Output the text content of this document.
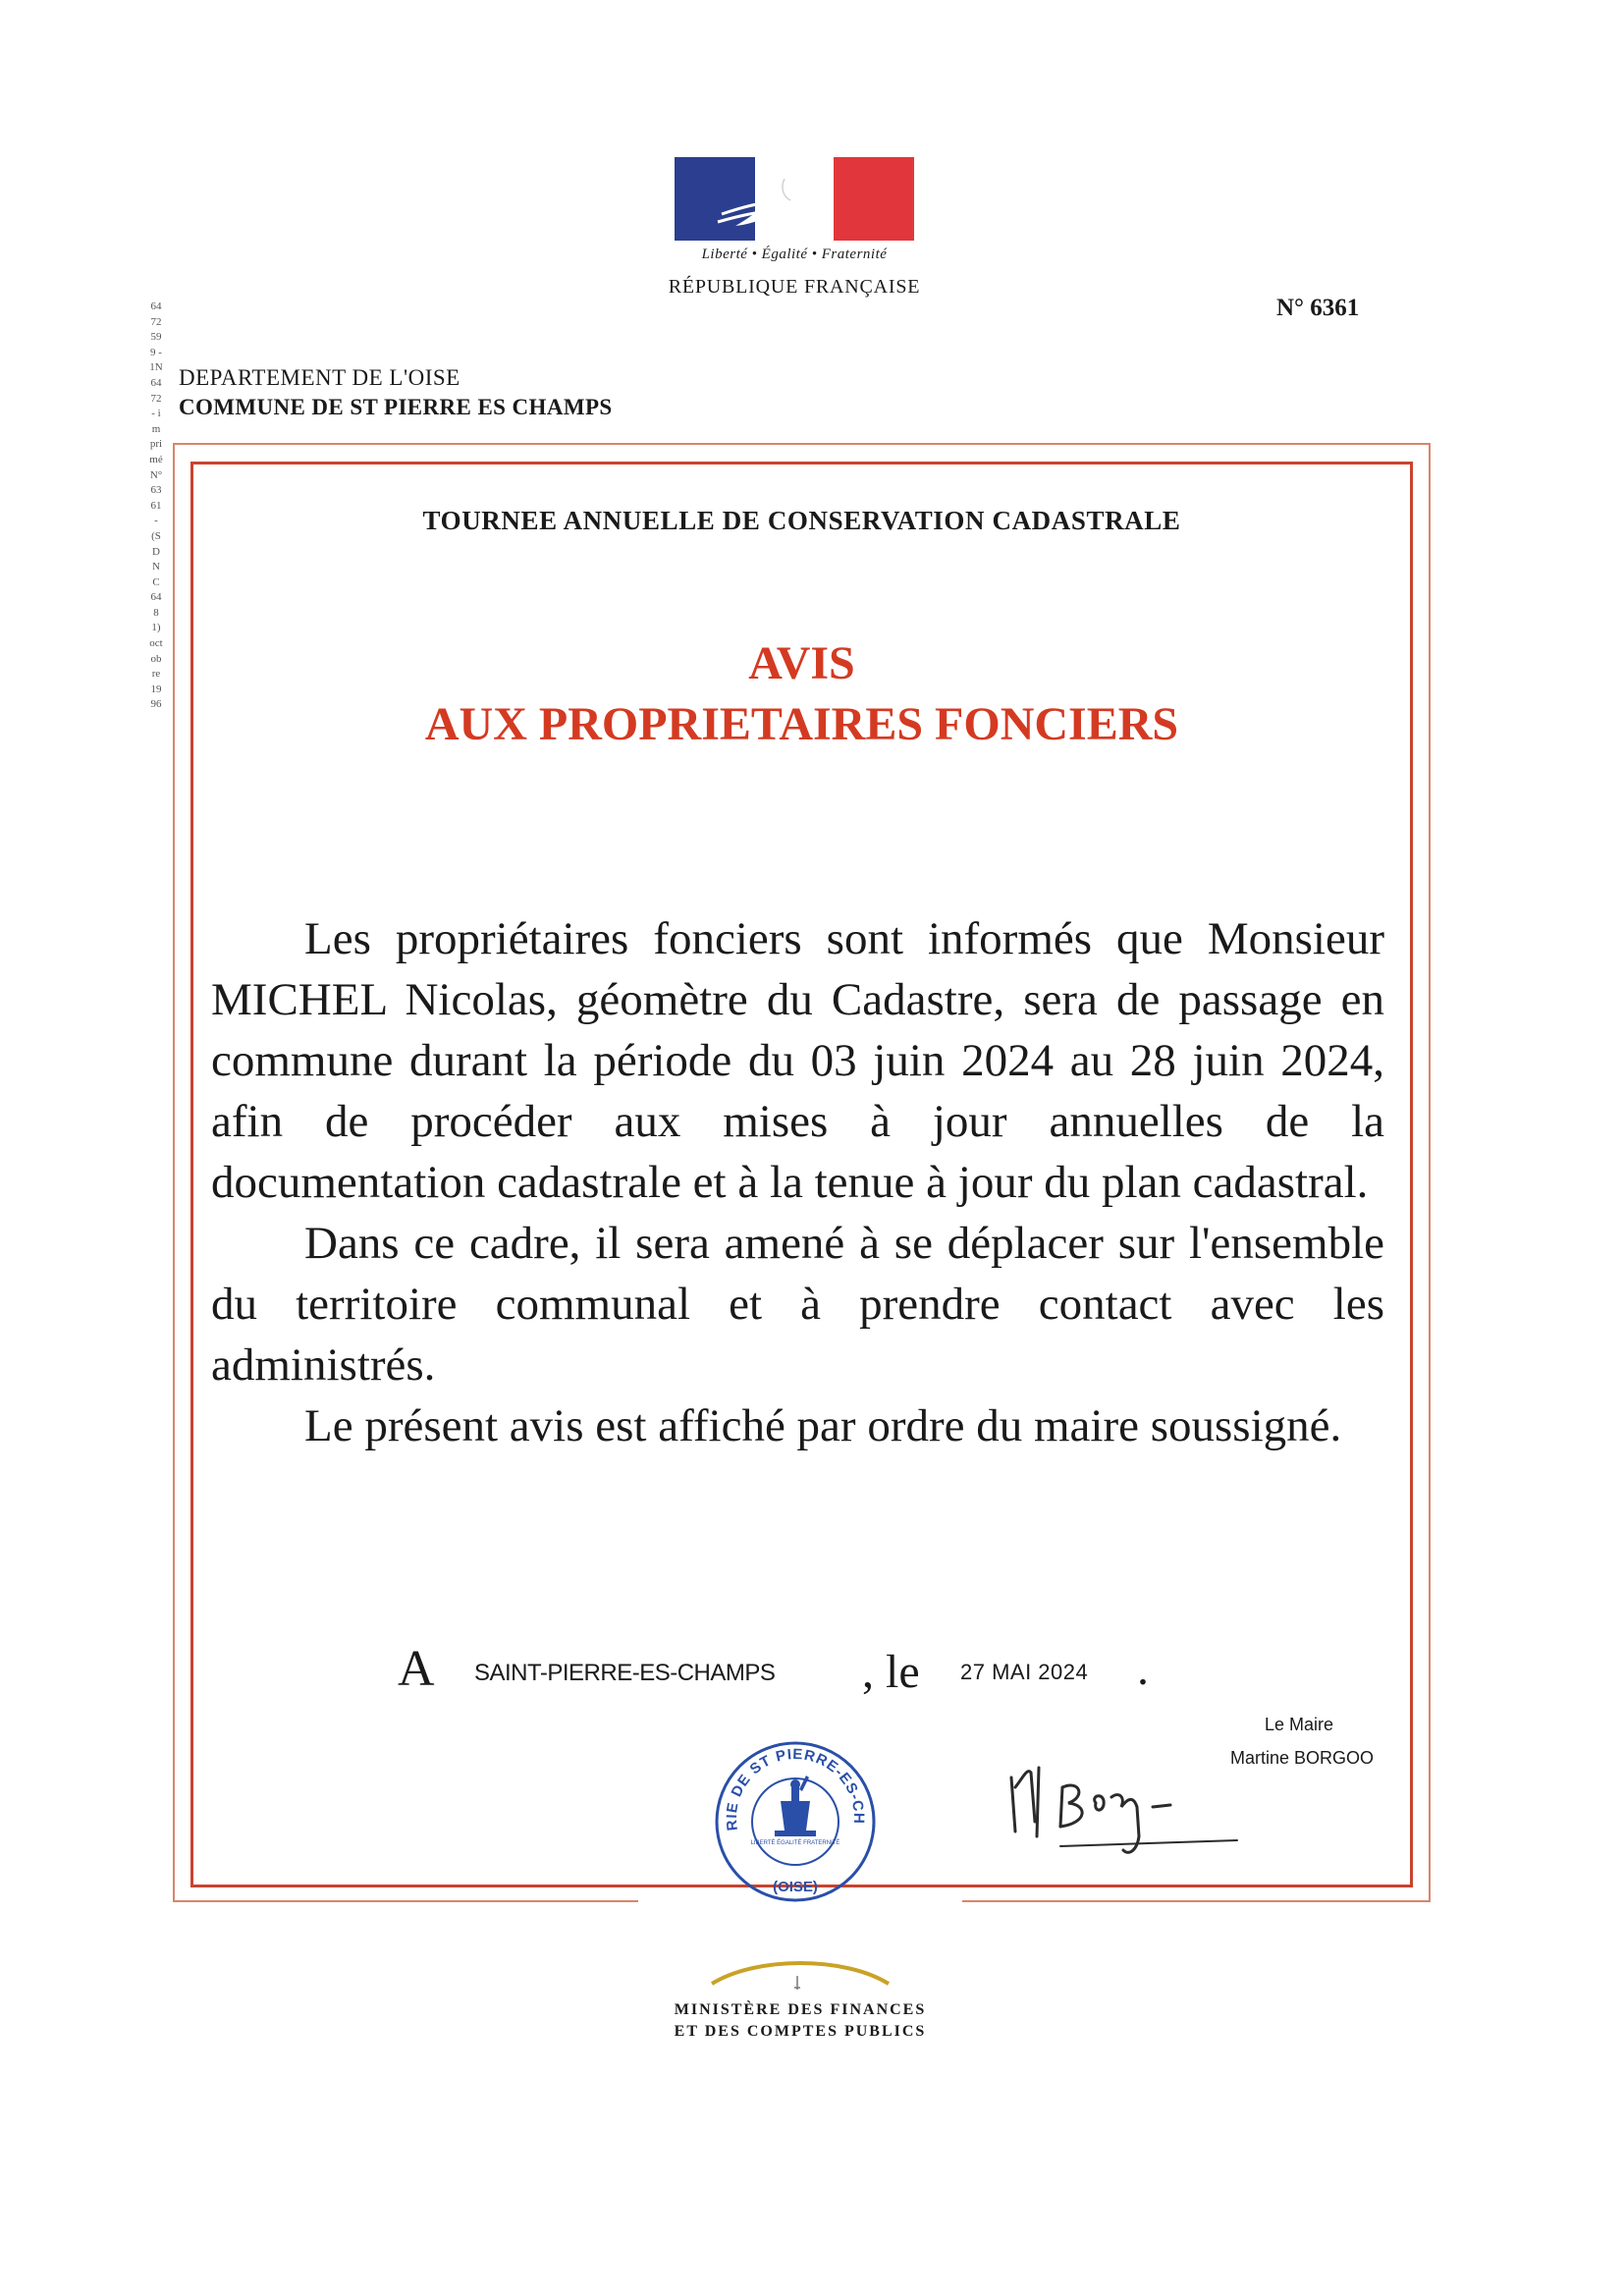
Liberté • Égalité • Fraternité
RÉPUBLIQUE FRANÇAISE
N° 6361
6472 599 - 1N 6472 - imprimé N° 6361 - (SDNC 6481) octobre 1996
DEPARTEMENT DE L'OISE
COMMUNE DE ST PIERRE ES CHAMPS
TOURNEE ANNUELLE DE CONSERVATION CADASTRALE
AVIS
AUX PROPRIETAIRES FONCIERS

Les propriétaires fonciers sont informés que Monsieur MICHEL Nicolas, géomètre du Cadastre, sera de passage en commune durant la période du 03 juin 2024 au 28 juin 2024, afin de procéder aux mises à jour annuelles de la documentation cadastrale et à la tenue à jour du plan cadastral.

Dans ce cadre, il sera amené à se déplacer sur l'ensemble du territoire communal et à prendre contact avec les administrés.

Le présent avis est affiché par ordre du maire soussigné.

A SAINT-PIERRE-ES-CHAMPS , le 27 MAI 2024 .
Le Maire
Martine BORGOO
RIE DE ST PIERRE-ES-CH
(OISE)
LIBERTÉ ÉGALITÉ FRATERNITÉ
MINISTÈRE DES FINANCES
ET DES COMPTES PUBLICS
